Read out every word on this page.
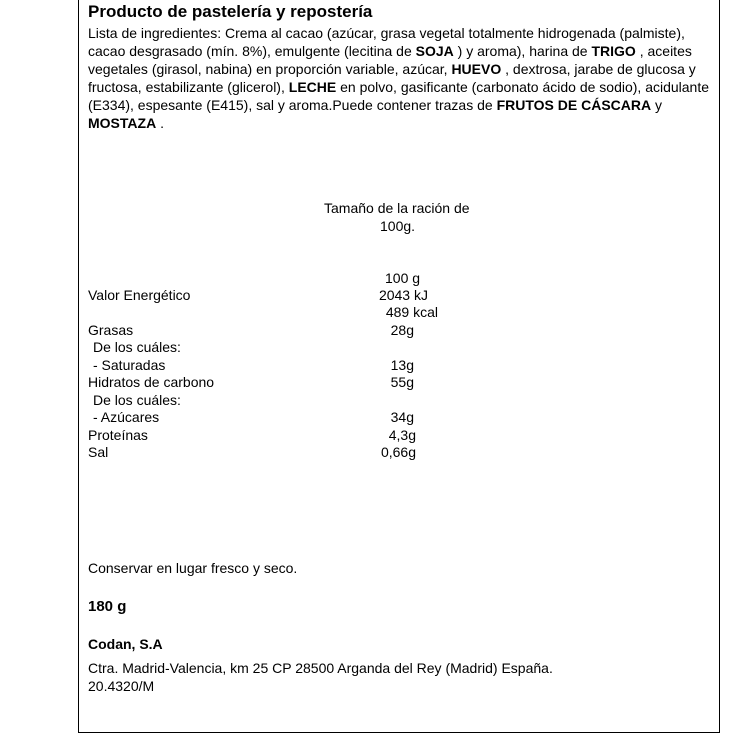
Producto de pastelería y repostería
Lista de ingredientes: Crema al cacao (azúcar, grasa vegetal totalmente hidrogenada (palmiste), cacao desgrasado (mín. 8%), emulgente (lecitina de SOJA ) y aroma), harina de TRIGO , aceites vegetales (girasol, nabina) en proporción variable, azúcar, HUEVO , dextrosa, jarabe de glucosa y fructosa, estabilizante (glicerol), LECHE en polvo, gasificante (carbonato ácido de sodio), acidulante (E334), espesante (E415), sal y aroma.Puede contener trazas de FRUTOS DE CÁSCARA y MOSTAZA .
Tamaño de la ración de
100g.
100 g
Valor Energético	2043 kJ
489 kcal
Grasas	28g
De los cuáles:
- Saturadas	13g
Hidratos de carbono	55g
De los cuáles:
- Azúcares	34g
Proteínas	4,3g
Sal	0,66g
Conservar en lugar fresco y seco.
180 g
Codan, S.A
Ctra. Madrid-Valencia, km 25 CP 28500 Arganda del Rey (Madrid) España.
20.4320/M
